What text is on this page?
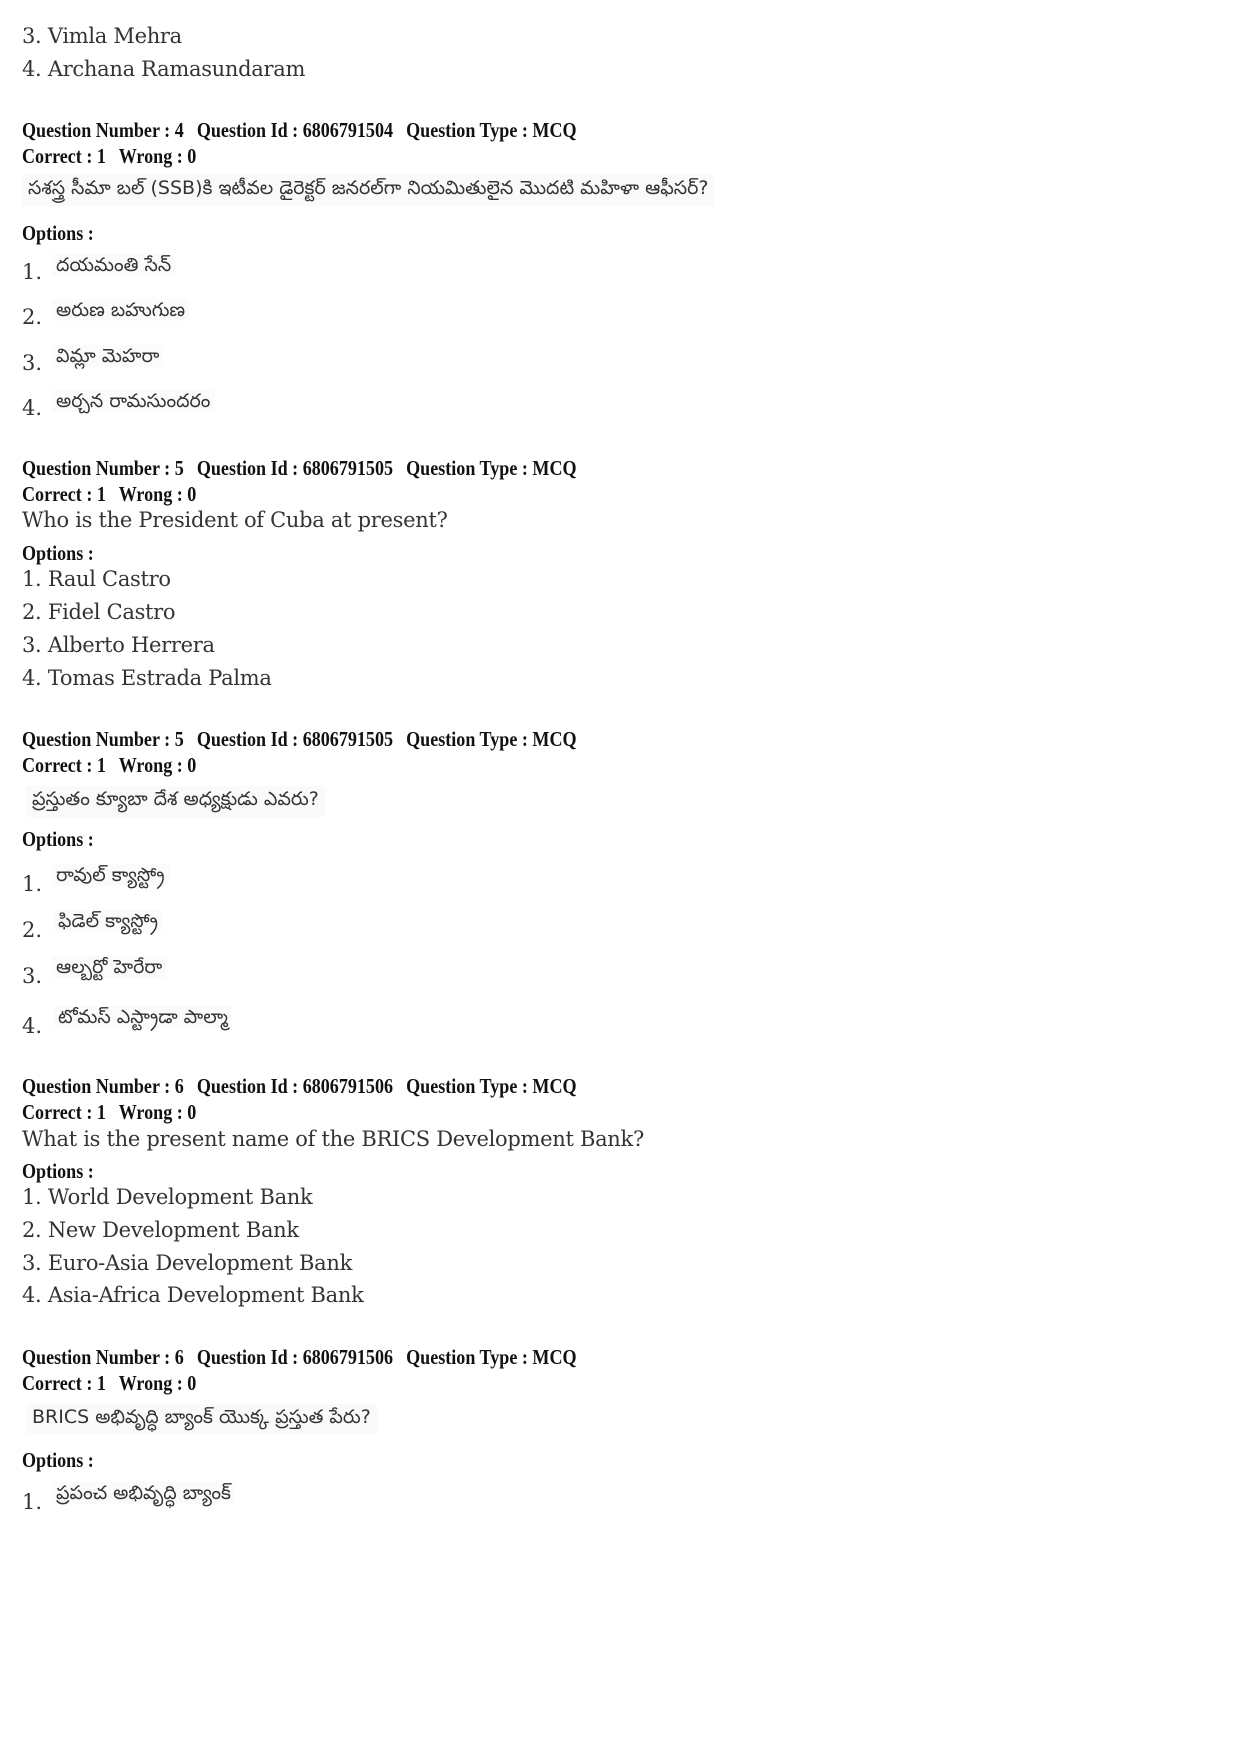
3. Vimla Mehra
4. Archana Ramasundaram
Question Number : 4 Question Id : 6806791504 Question Type : MCQ
Correct : 1 Wrong : 0
సశస్త్ర సీమా బల్ (SSB)కి ఇటీవల డైరెక్టర్ జనరల్‌గా నియమితులైన మొదటి మహిళా ఆఫీసర్?
Options :
1. దయమంతి సేన్
2. అరుణ బహుగుణ
3. విమ్లా మెహరా
4. అర్చన రామసుందరం
Question Number : 5 Question Id : 6806791505 Question Type : MCQ
Correct : 1 Wrong : 0
Who is the President of Cuba at present?
Options :
1. Raul Castro
2. Fidel Castro
3. Alberto Herrera
4. Tomas Estrada Palma
Question Number : 5 Question Id : 6806791505 Question Type : MCQ
Correct : 1 Wrong : 0
ప్రస్తుతం క్యూబా దేశ అధ్యక్షుడు ఎవరు?
Options :
1. రావుల్ క్యాస్ట్రో
2. ఫిడెల్ క్యాస్ట్రో
3. ఆల్బర్టో హెరేరా
4. టోమస్ ఎస్ట్రాడా పాల్మా
Question Number : 6 Question Id : 6806791506 Question Type : MCQ
Correct : 1 Wrong : 0
What is the present name of the BRICS Development Bank?
Options :
1. World Development Bank
2. New Development Bank
3. Euro-Asia Development Bank
4. Asia-Africa Development Bank
Question Number : 6 Question Id : 6806791506 Question Type : MCQ
Correct : 1 Wrong : 0
BRICS అభివృద్ధి బ్యాంక్ యొక్క ప్రస్తుత పేరు?
Options :
1. ప్రపంచ అభివృద్ధి బ్యాంక్
